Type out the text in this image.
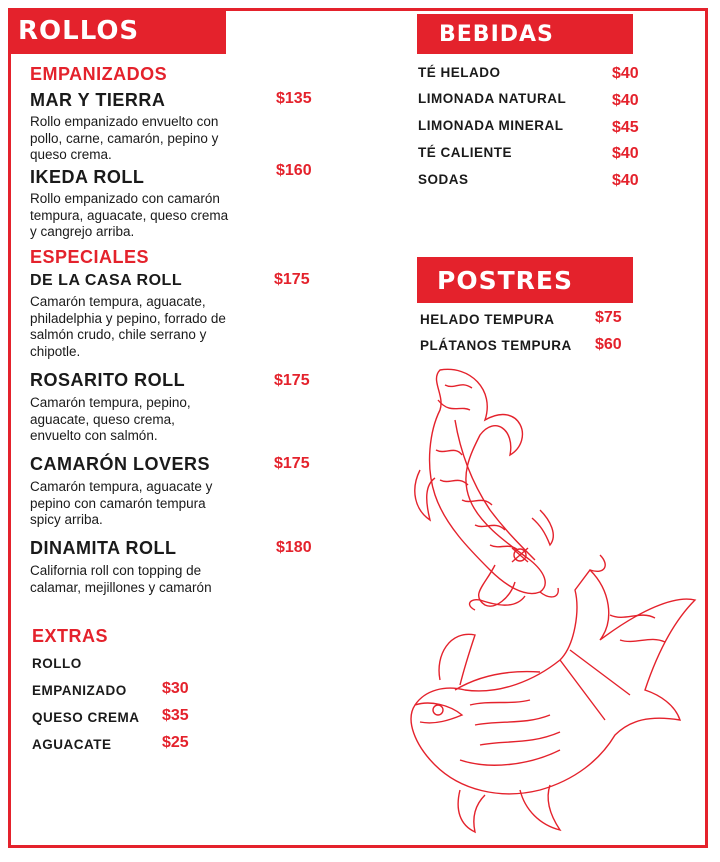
ROLLOS
EMPANIZADOS
MAR Y TIERRA	$135
Rollo empanizado envuelto con
pollo, carne, camarón, pepino y
queso crema.
IKEDA ROLL	$160
Rollo empanizado con camarón
tempura, aguacate, queso crema
y cangrejo arriba.
ESPECIALES
DE LA CASA ROLL	$175
Camarón tempura, aguacate,
philadelphia y pepino, forrado de
salmón crudo, chile serrano y
chipotle.
ROSARITO ROLL	$175
Camarón tempura, pepino,
aguacate, queso crema,
envuelto con salmón.
CAMARÓN LOVERS	$175
Camarón tempura, aguacate y
pepino con camarón tempura
spicy arriba.
DINAMITA ROLL	$180
California roll con topping de
calamar, mejillones y camarón
EXTRAS
ROLLO
EMPANIZADO $30
QUESO CREMA $35
AGUACATE	$25
BEBIDAS
TÉ HELADO	$40
LIMONADA NATURAL	$40
LIMONADA MINERAL	$45
TÉ CALIENTE	$40
SODAS	$40
POSTRES
HELADO TEMPURA	$75
PLÁTANOS TEMPURA $60
